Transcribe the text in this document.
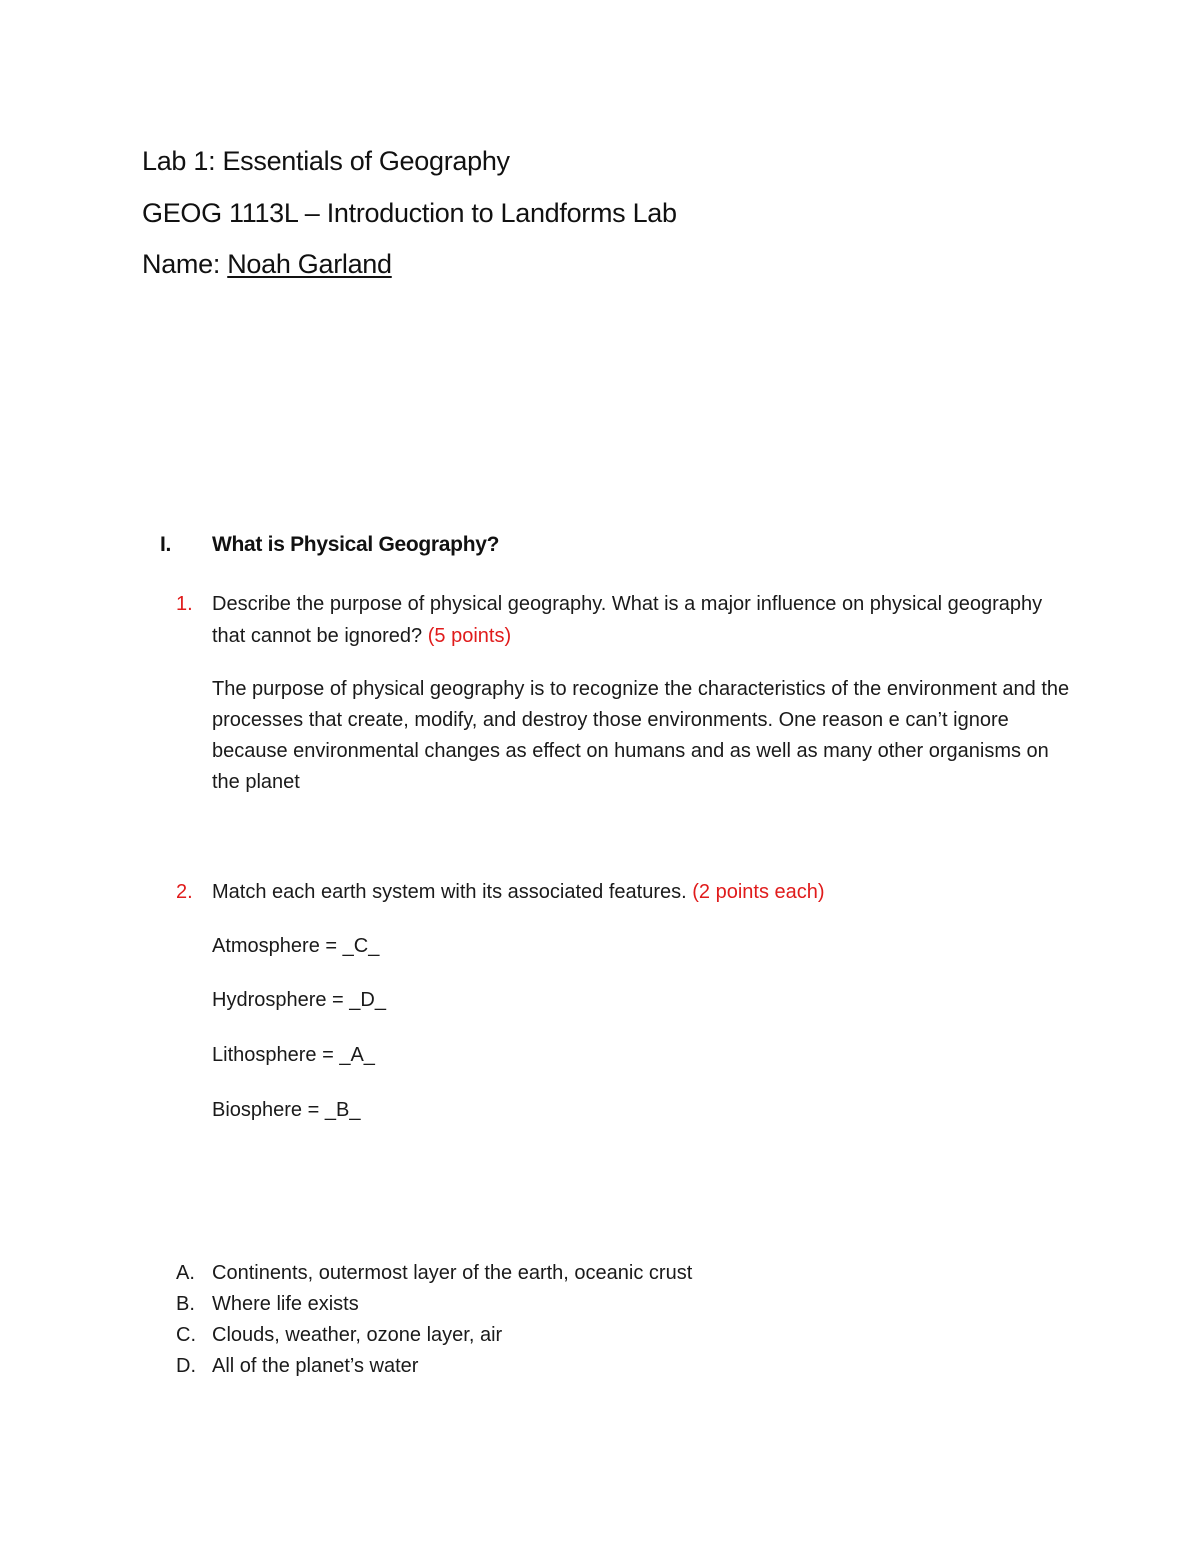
Lab 1: Essentials of Geography
GEOG 1113L – Introduction to Landforms Lab
Name: Noah Garland
I. What is Physical Geography?
1. Describe the purpose of physical geography. What is a major influence on physical geography that cannot be ignored? (5 points)
The purpose of physical geography is to recognize the characteristics of the environment and the processes that create, modify, and destroy those environments. One reason e can’t ignore because environmental changes as effect on humans and as well as many other organisms on the planet
2. Match each earth system with its associated features. (2 points each)
Atmosphere = _C_
Hydrosphere = _D_
Lithosphere = _A_
Biosphere = _B_
A. Continents, outermost layer of the earth, oceanic crust
B. Where life exists
C. Clouds, weather, ozone layer, air
D. All of the planet’s water
